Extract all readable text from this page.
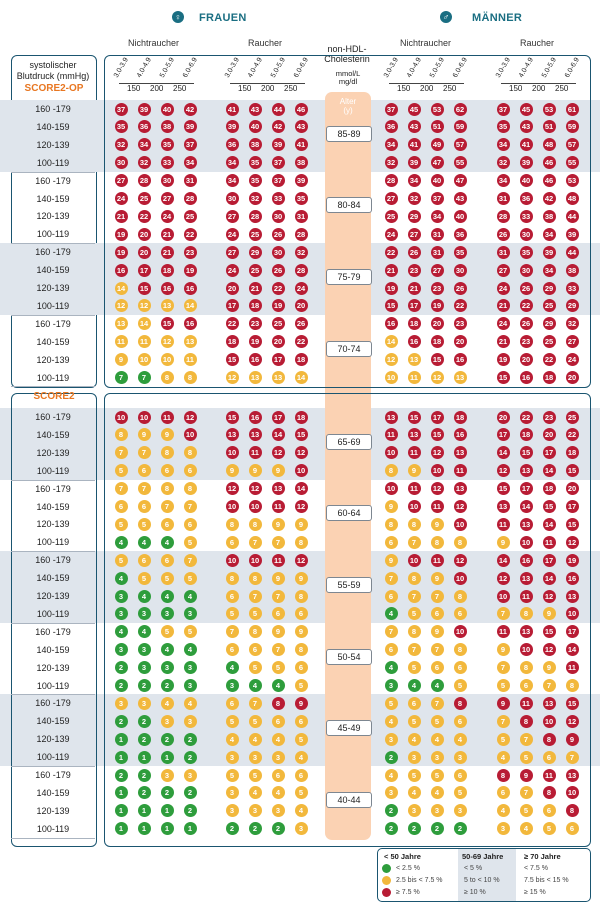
♀ FRAUEN	♂ MÄNNER
Nichtraucher	Raucher	Nichtraucher	Raucher
non-HDL-
Cholesterin
mmol/L
mg/dl
systolischer
Blutdruck (mmHg)	3.0-3.9 4.0-4.9 5.0-5.9 6.0-6.9
150 200 250
3.0-3.9 4.0-4.9 5.0-5.9 6.0-6.9
150 200 250
3.0-3.9 4.0-4.9 5.0-5.9 6.0-6.9
150 200 250
3.0-3.9 4.0-4.9 5.0-5.9 6.0-6.9
150 200 250
Alter
(y)
SCORE2-OP
85-89
160 -179	37	39	40	42	41	43	44	46	37	45	53	62	37	45	53	61
140-159	35	36	38	39	39	40	42	43	36	43	51	59	35	43	51	59
120-139	32	34	35	37	36	38	39	41	34	41	49	57	34	41	48	57
100-119	30	32	33	34	34	35	37	38	32	39	47	55	32	39	46	55
80-84
160 -179	27	28	30	31	34	35	37	39	28	34	40	47	34	40	46	53
140-159	24	25	27	28	30	32	33	35	27	32	37	43	31	36	42	48
120-139	21	22	24	25	27	28	30	31	25	29	34	40	28	33	38	44
100-119	19	20	21	22	24	25	26	28	24	27	31	36	26	30	34	39
75-79
160 -179	19	20	21	23	27	29	30	32	22	26	31	35	31	35	39	44
140-159	16	17	18	19	24	25	26	28	21	23	27	30	27	30	34	38
120-139	14	15	16	16	20	21	22	24	19	21	23	26	24	26	29	33
100-119	12	12	13	14	17	18	19	20	15	17	19	22	21	22	25	29
70-74
160 -179	13	14	15	16	22	23	25	26	16	18	20	23	24	26	29	32
140-159	11	11	12	13	18	19	20	22	14	16	18	20	21	23	25	27
120-139	9	10	10	11	15	16	17	18	12	13	15	16	19	20	22	24
100-119	7	7	8	8	12	13	13	14	10	11	12	13	15	16	18	20
SCORE2
65-69
160 -179	10	10	11	12	15	16	17	18	13	15	17	18	20	22	23	25
140-159	8	9	9	10	13	13	14	15	11	13	15	16	17	18	20	22
120-139	7	7	8	8	10	11	12	12	10	11	12	13	14	15	17	18
100-119	5	6	6	6	9	9	9	10	8	9	10	11	12	13	14	15
60-64
160 -179	7	7	8	8	12	12	13	14	10	11	12	13	15	17	18	20
140-159	6	6	7	7	10	10	11	12	9	10	11	12	13	14	15	17
120-139	5	5	6	6	8	8	9	9	8	8	9	10	11	13	14	15
100-119	4	4	4	5	6	7	7	8	6	7	8	8	9	10	11	12
55-59
160 -179	5	6	6	7	10	10	11	12	9	10	11	12	14	16	17	19
140-159	4	5	5	5	8	8	9	9	7	8	9	10	12	13	14	16
120-139	3	4	4	4	6	7	7	8	6	7	7	8	10	11	12	13
100-119	3	3	3	3	5	5	6	6	4	5	6	6	7	8	9	10
50-54
160 -179	4	4	5	5	7	8	9	9	7	8	9	10	11	13	15	17
140-159	3	3	4	4	6	6	7	8	6	7	7	8	9	10	12	14
120-139	2	3	3	3	4	5	5	6	4	5	6	6	7	8	9	11
100-119	2	2	2	3	3	4	4	5	3	4	4	5	5	6	7	8
45-49
160 -179	3	3	4	4	6	7	8	9	5	6	7	8	9	11	13	15
140-159	2	2	3	3	5	5	6	6	4	5	5	6	7	8	10	12
120-139	1	2	2	2	4	4	4	5	3	4	4	4	5	7	8	9
100-119	1	1	1	2	3	3	3	4	2	3	3	3	4	5	6	7
40-44
160 -179	2	2	3	3	5	5	6	6	4	5	5	6	8	9	11	13
140-159	1	2	2	2	3	4	4	5	3	4	4	5	6	7	8	10
120-139	1	1	1	2	3	3	3	4	2	3	3	3	4	5	6	8
100-119	1	1	1	1	2	2	2	3	2	2	2	2	3	4	5	6
< 50 Jahre	50-69 Jahre	≥ 70 Jahre
< 2.5 %	< 5 %	< 7.5 %
2.5 bis < 7.5 %	5 to < 10 %	7.5 bis < 15 %
≥ 7.5 %	≥ 10 %	≥ 15 %
